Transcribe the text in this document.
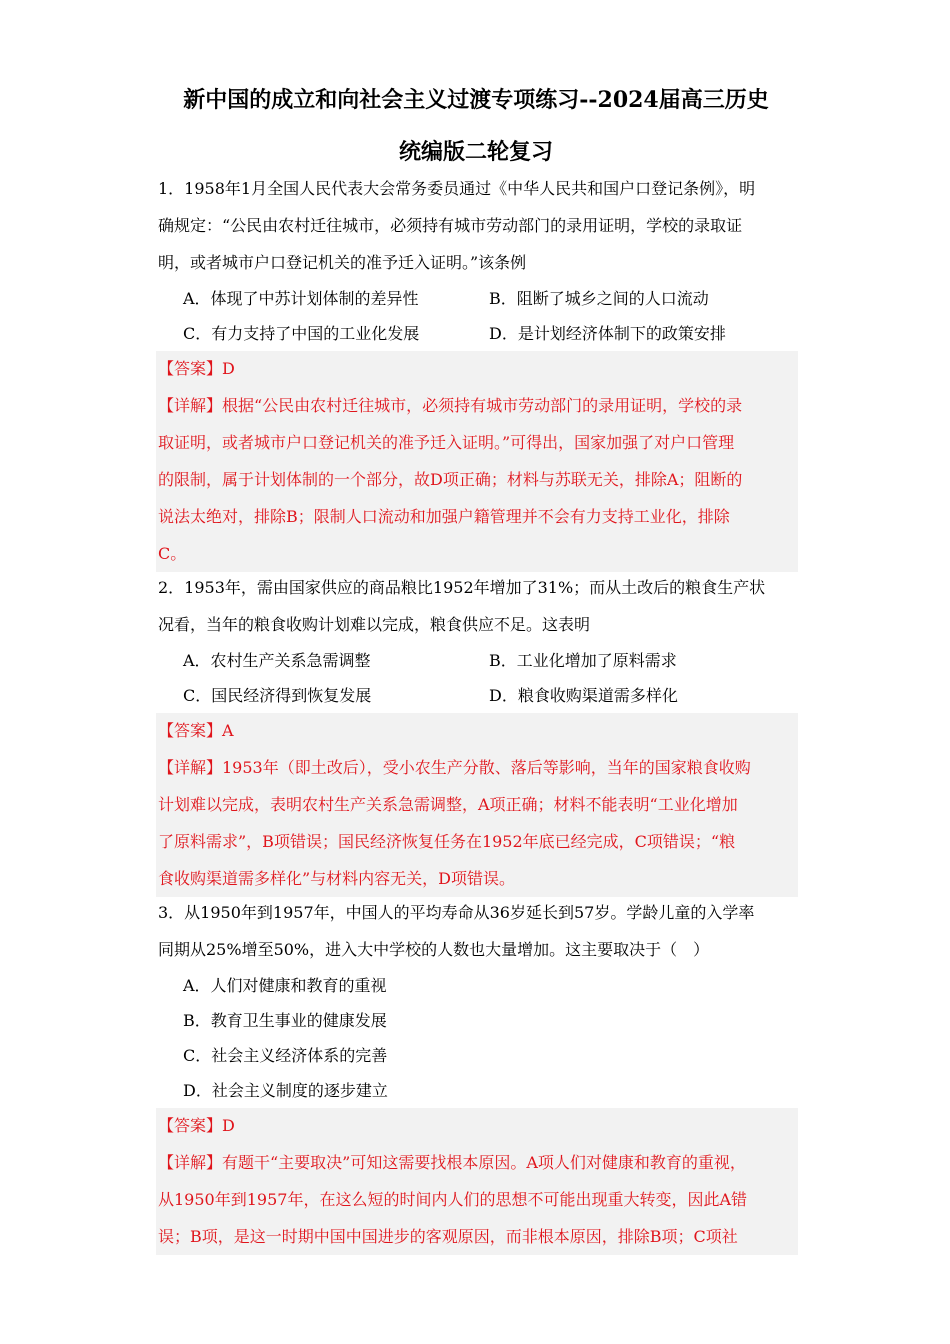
新中国的成立和向社会主义过渡专项练习--2024届高三历史
统编版二轮复习
1．1958年1月全国人民代表大会常务委员通过《中华人民共和国户口登记条例》，明
确规定：“公民由农村迁往城市，必须持有城市劳动部门的录用证明，学校的录取证
明，或者城市户口登记机关的准予迁入证明。”该条例
A．体现了中苏计划体制的差异性	B．阻断了城乡之间的人口流动
C．有力支持了中国的工业化发展	D．是计划经济体制下的政策安排
【答案】D
【详解】根据“公民由农村迁往城市，必须持有城市劳动部门的录用证明，学校的录
取证明，或者城市户口登记机关的准予迁入证明。”可得出，国家加强了对户口管理
的限制，属于计划体制的一个部分，故D项正确；材料与苏联无关，排除A；阻断的
说法太绝对，排除B；限制人口流动和加强户籍管理并不会有力支持工业化，排除
C。
2．1953年，需由国家供应的商品粮比1952年增加了31%；而从土改后的粮食生产状
况看，当年的粮食收购计划难以完成，粮食供应不足。这表明
A．农村生产关系急需调整	B．工业化增加了原料需求
C．国民经济得到恢复发展	D．粮食收购渠道需多样化
【答案】A
【详解】1953年（即土改后），受小农生产分散、落后等影响，当年的国家粮食收购
计划难以完成，表明农村生产关系急需调整，A项正确；材料不能表明“工业化增加
了原料需求”，B项错误；国民经济恢复任务在1952年底已经完成，C项错误；“粮
食收购渠道需多样化”与材料内容无关，D项错误。
3．从1950年到1957年，中国人的平均寿命从36岁延长到57岁。学龄儿童的入学率
同期从25%增至50%，进入大中学校的人数也大量增加。这主要取决于（　）
A．人们对健康和教育的重视
B．教育卫生事业的健康发展
C．社会主义经济体系的完善
D．社会主义制度的逐步建立
【答案】D
【详解】有题干“主要取决”可知这需要找根本原因。A项人们对健康和教育的重视，
从1950年到1957年，在这么短的时间内人们的思想不可能出现重大转变，因此A错
误；B项，是这一时期中国中国进步的客观原因，而非根本原因，排除B项；C项社
